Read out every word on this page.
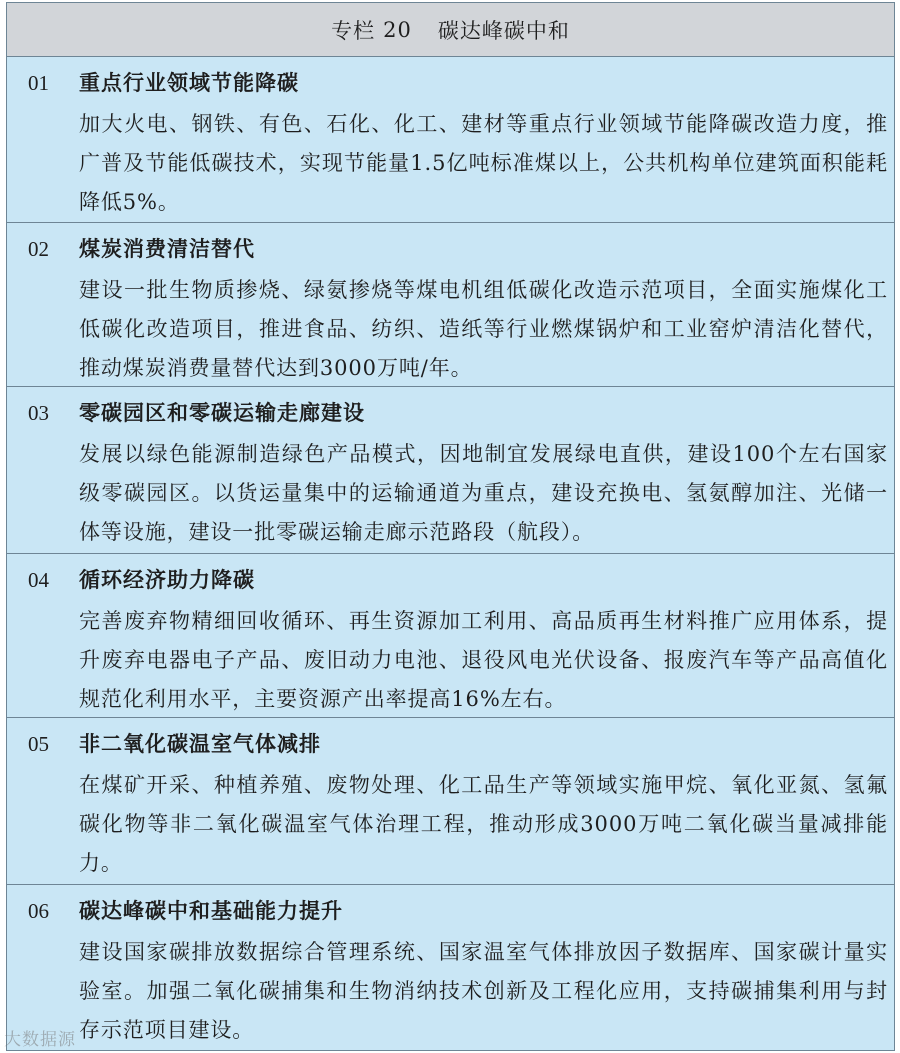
专栏 20 碳达峰碳中和
01	重点行业领域节能降碳
加大火电、钢铁、有色、石化、化工、建材等重点行业领域节能降碳改造力度，推广普及节能低碳技术，实现节能量1.5亿吨标准煤以上，公共机构单位建筑面积能耗降低5%。
02	煤炭消费清洁替代
建设一批生物质掺烧、绿氨掺烧等煤电机组低碳化改造示范项目，全面实施煤化工低碳化改造项目，推进食品、纺织、造纸等行业燃煤锅炉和工业窑炉清洁化替代，推动煤炭消费量替代达到3000万吨/年。
03	零碳园区和零碳运输走廊建设
发展以绿色能源制造绿色产品模式，因地制宜发展绿电直供，建设100个左右国家级零碳园区。以货运量集中的运输通道为重点，建设充换电、氢氨醇加注、光储一体等设施，建设一批零碳运输走廊示范路段（航段）。
04	循环经济助力降碳
完善废弃物精细回收循环、再生资源加工利用、高品质再生材料推广应用体系，提升废弃电器电子产品、废旧动力电池、退役风电光伏设备、报废汽车等产品高值化规范化利用水平，主要资源产出率提高16%左右。
05	非二氧化碳温室气体减排
在煤矿开采、种植养殖、废物处理、化工品生产等领域实施甲烷、氧化亚氮、氢氟碳化物等非二氧化碳温室气体治理工程，推动形成3000万吨二氧化碳当量减排能力。
06	碳达峰碳中和基础能力提升
建设国家碳排放数据综合管理系统、国家温室气体排放因子数据库、国家碳计量实验室。加强二氧化碳捕集和生物消纳技术创新及工程化应用，支持碳捕集利用与封存示范项目建设。
大数据源
